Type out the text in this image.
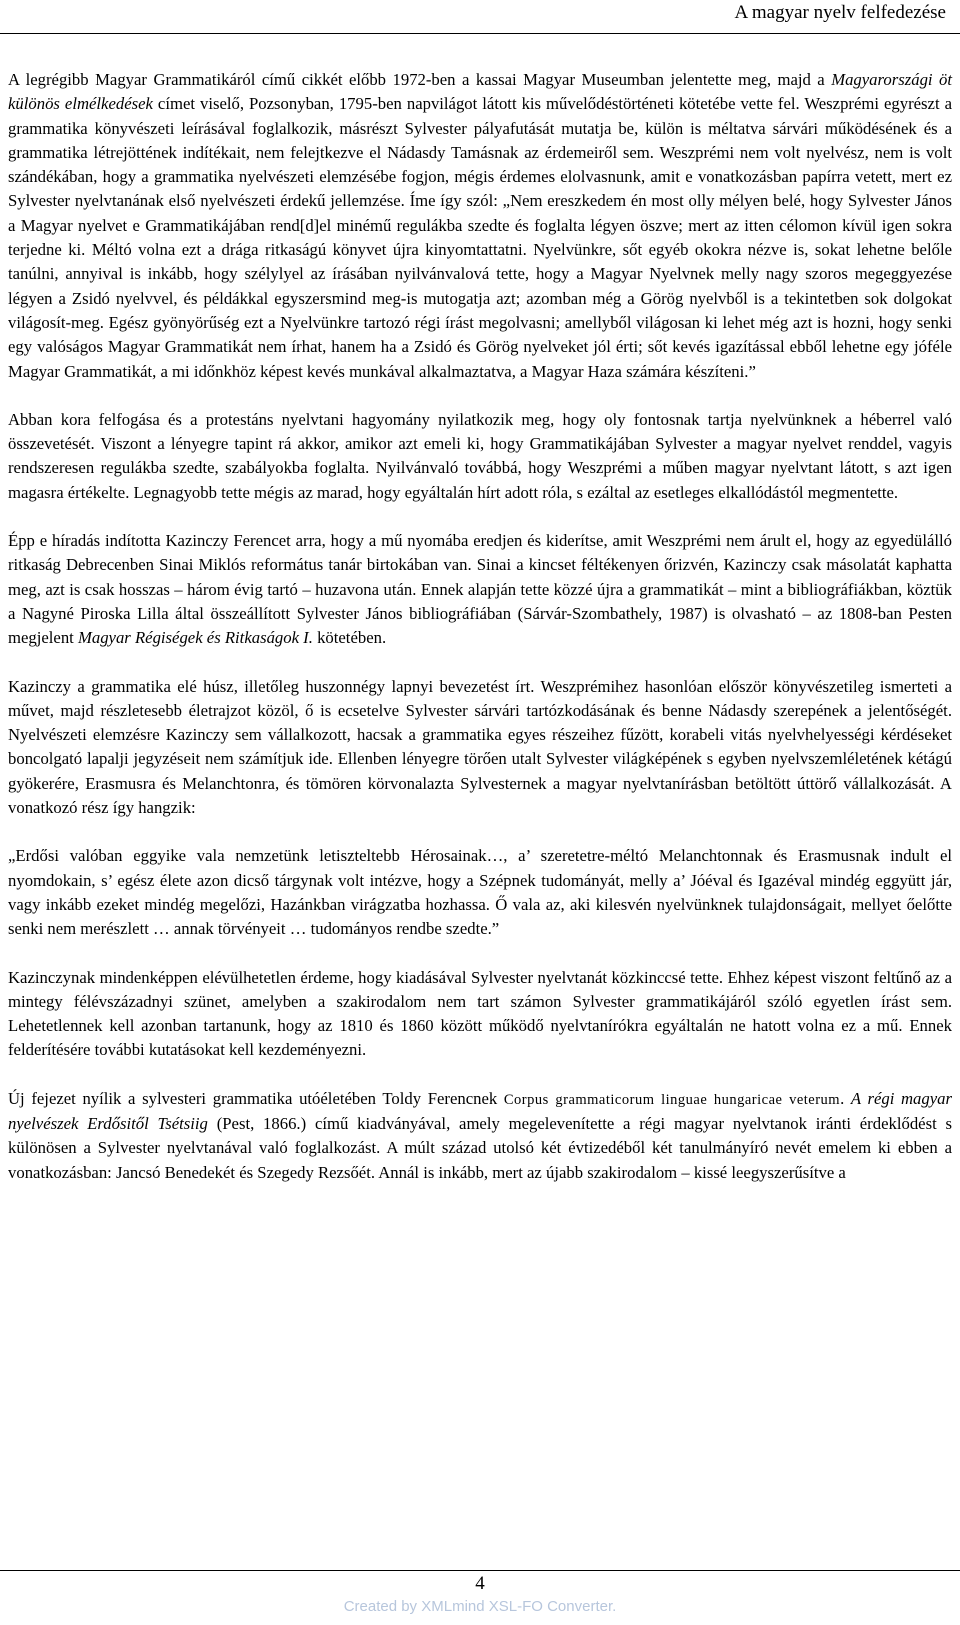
A magyar nyelv felfedezése

A legrégibb Magyar Grammatikáról című cikkét előbb 1972-ben a kassai Magyar Museumban jelentette meg, majd a Magyarországi öt különös elmélkedések címet viselő, Pozsonyban, 1795-ben napvilágot látott kis művelődéstörténeti kötetébe vette fel. Weszprémi egyrészt a grammatika könyvészeti leírásával foglalkozik, másrészt Sylvester pályafutását mutatja be, külön is méltatva sárvári működésének és a grammatika létrejöttének indítékait, nem felejtkezve el Nádasdy Tamásnak az érdemeiről sem. Weszprémi nem volt nyelvész, nem is volt szándékában, hogy a grammatika nyelvészeti elemzésébe fogjon, mégis érdemes elolvasnunk, amit e vonatkozásban papírra vetett, mert ez Sylvester nyelvtanának első nyelvészeti érdekű jellemzése. Íme így szól: „Nem ereszkedem én most olly mélyen belé, hogy Sylvester János a Magyar nyelvet e Grammatikájában rend[d]el minémű regulákba szedte és foglalta légyen öszve; mert az itten célomon kívül igen sokra terjedne ki. Méltó volna ezt a drága ritkaságú könyvet újra kinyomtattatni. Nyelvünkre, sőt egyéb okokra nézve is, sokat lehetne belőle tanúlni, annyival is inkább, hogy szélylyel az írásában nyilvánvalová tette, hogy a Magyar Nyelvnek melly nagy szoros megeggyezése légyen a Zsidó nyelvvel, és példákkal egyszersmind meg-is mutogatja azt; azomban még a Görög nyelvből is a tekintetben sok dolgokat világosít-meg. Egész gyönyörűség ezt a Nyelvünkre tartozó régi írást megolvasni; amellyből világosan ki lehet még azt is hozni, hogy senki egy valóságos Magyar Grammatikát nem írhat, hanem ha a Zsidó és Görög nyelveket jól érti; sőt kevés igazítással ebből lehetne egy jóféle Magyar Grammatikát, a mi időnkhöz képest kevés munkával alkalmaztatva, a Magyar Haza számára készíteni.”

Abban kora felfogása és a protestáns nyelvtani hagyomány nyilatkozik meg, hogy oly fontosnak tartja nyelvünknek a héberrel való összevetését. Viszont a lényegre tapint rá akkor, amikor azt emeli ki, hogy Grammatikájában Sylvester a magyar nyelvet renddel, vagyis rendszeresen regulákba szedte, szabályokba foglalta. Nyilvánvaló továbbá, hogy Weszprémi a műben magyar nyelvtant látott, s azt igen magasra értékelte. Legnagyobb tette mégis az marad, hogy egyáltalán hírt adott róla, s ezáltal az esetleges elkallódástól megmentette.

Épp e híradás indította Kazinczy Ferencet arra, hogy a mű nyomába eredjen és kiderítse, amit Weszprémi nem árult el, hogy az egyedülálló ritkaság Debrecenben Sinai Miklós református tanár birtokában van. Sinai a kincset féltékenyen őrizvén, Kazinczy csak másolatát kaphatta meg, azt is csak hosszas – három évig tartó – huzavona után. Ennek alapján tette közzé újra a grammatikát – mint a bibliográfiákban, köztük a Nagyné Piroska Lilla által összeállított Sylvester János bibliográfiában (Sárvár-Szombathely, 1987) is olvasható – az 1808-ban Pesten megjelent Magyar Régiségek és Ritkaságok I. kötetében.

Kazinczy a grammatika elé húsz, illetőleg huszonnégy lapnyi bevezetést írt. Weszprémihez hasonlóan először könyvészetileg ismerteti a művet, majd részletesebb életrajzot közöl, ő is ecsetelve Sylvester sárvári tartózkodásának és benne Nádasdy szerepének a jelentőségét. Nyelvészeti elemzésre Kazinczy sem vállalkozott, hacsak a grammatika egyes részeihez fűzött, korabeli vitás nyelvhelyességi kérdéseket boncolgató lapalji jegyzéseit nem számítjuk ide. Ellenben lényegre törően utalt Sylvester világképének s egyben nyelvszemléletének kétágú gyökerére, Erasmusra és Melanchtonra, és tömören körvonalazta Sylvesternek a magyar nyelvtanírásban betöltött úttörő vállalkozását. A vonatkozó rész így hangzik:

„Erdősi valóban eggyike vala nemzetünk letiszteltebb Hérosainak…, a’ szeretetre-méltó Melanchtonnak és Erasmusnak indult el nyomdokain, s’ egész élete azon dicső tárgynak volt intézve, hogy a Szépnek tudományát, melly a’ Jóéval és Igazéval mindég eggyütt jár, vagy inkább ezeket mindég megelőzi, Hazánkban virágzatba hozhassa. Ő vala az, aki kilesvén nyelvünknek tulajdonságait, mellyet őelőtte senki nem merészlett … annak törvényeit … tudományos rendbe szedte.”

Kazinczynak mindenképpen elévülhetetlen érdeme, hogy kiadásával Sylvester nyelvtanát közkinccsé tette. Ehhez képest viszont feltűnő az a mintegy félévszázadnyi szünet, amelyben a szakirodalom nem tart számon Sylvester grammatikájáról szóló egyetlen írást sem. Lehetetlennek kell azonban tartanunk, hogy az 1810 és 1860 között működő nyelvtanírókra egyáltalán ne hatott volna ez a mű. Ennek felderítésére további kutatásokat kell kezdeményezni.

Új fejezet nyílik a sylvesteri grammatika utóéletében Toldy Ferencnek Corpus grammaticorum linguae hungaricae veterum. A régi magyar nyelvészek Erdősitől Tsétsiig (Pest, 1866.) című kiadványával, amely megelevenítette a régi magyar nyelvtanok iránti érdeklődést s különösen a Sylvester nyelvtanával való foglalkozást. A múlt század utolsó két évtizedéből két tanulmányíró nevét emelem ki ebben a vonatkozásban: Jancsó Benedekét és Szegedy Rezsőét. Annál is inkább, mert az újabb szakirodalom – kissé leegyszerűsítve a

4
Created by XMLmind XSL-FO Converter.
